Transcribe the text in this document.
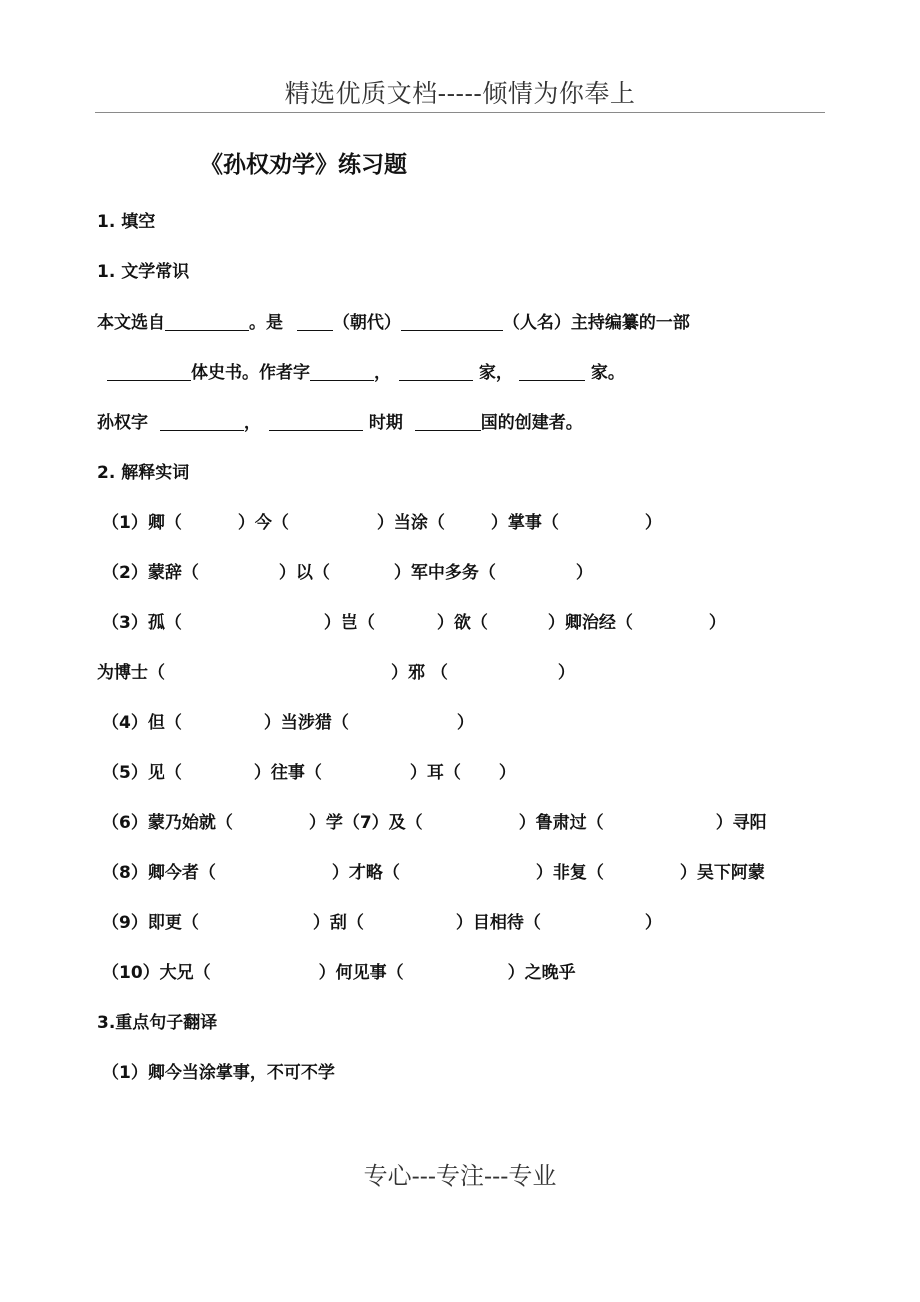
精选优质文档-----倾情为你奉上
《孙权劝学》练习题
1. 填空
1. 文学常识
本文选自	。是	（朝代）	（人名）主持编纂的一部
体史书。作者字	，	家，	家。
孙权字	，	时期	国的创建者。
2. 解释实词
（1）卿（	）今（	）当涂（	）掌事（	）
（2）蒙辞（	）以（	）军中多务（	）
（3）孤（	）岂（	）欲（	）卿治经（	）
为博士（	）邪 （	）
（4）但（	）当涉猎（	）
（5）见（	）往事（	）耳（ ）
（6）蒙乃始就（	）学（7）及（	）鲁肃过（	）寻阳
（8）卿今者（	）才略（	）非复（	）吴下阿蒙
（9）即更（	）刮（	）目相待（	）
（10）大兄（	）何见事（	）之晚乎
3.重点句子翻译
（1）卿今当涂掌事，不可不学
专心---专注---专业
